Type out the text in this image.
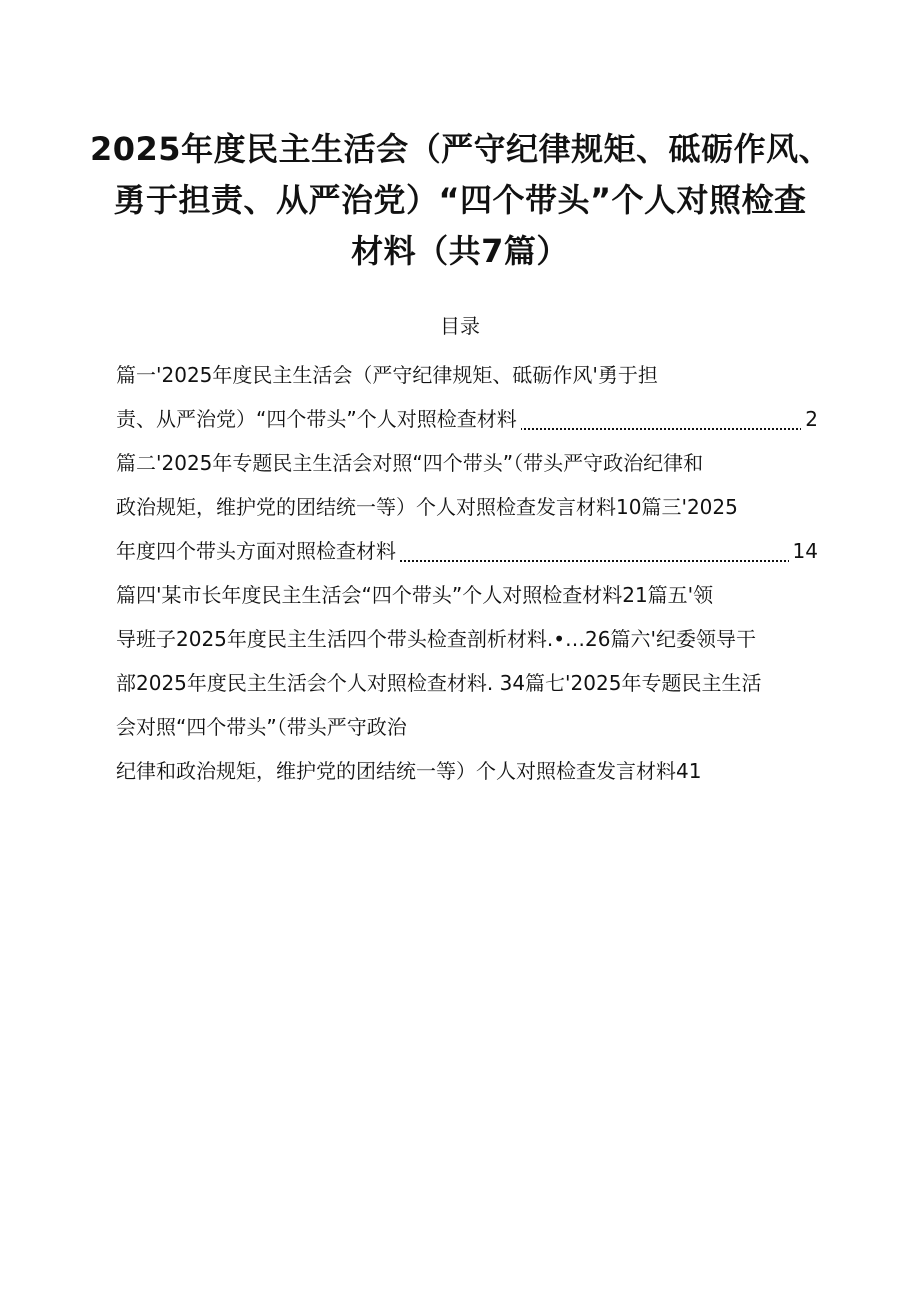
2025年度民主生活会（严守纪律规矩、砥砺作风、
勇于担责、从严治党）“四个带头”个人对照检查
材料（共7篇）
目录
篇一'2025年度民主生活会（严守纪律规矩、砥砺作风'勇于担
责、从严治党）“四个带头”个人对照检查材料	2
篇二'2025年专题民主生活会对照“四个带头”（带头严守政治纪律和
政治规矩，维护党的团结统一等）个人对照检查发言材料10篇三'2025
年度四个带头方面对照检查材料	14
篇四'某市长年度民主生活会“四个带头”个人对照检查材料21篇五'领
导班子2025年度民主生活四个带头检查剖析材料.•…26篇六'纪委领导干
部2025年度民主生活会个人对照检查材料. 34篇七'2025年专题民主生活
会对照“四个带头”（带头严守政治
纪律和政治规矩，维护党的团结统一等）个人对照检查发言材料41
